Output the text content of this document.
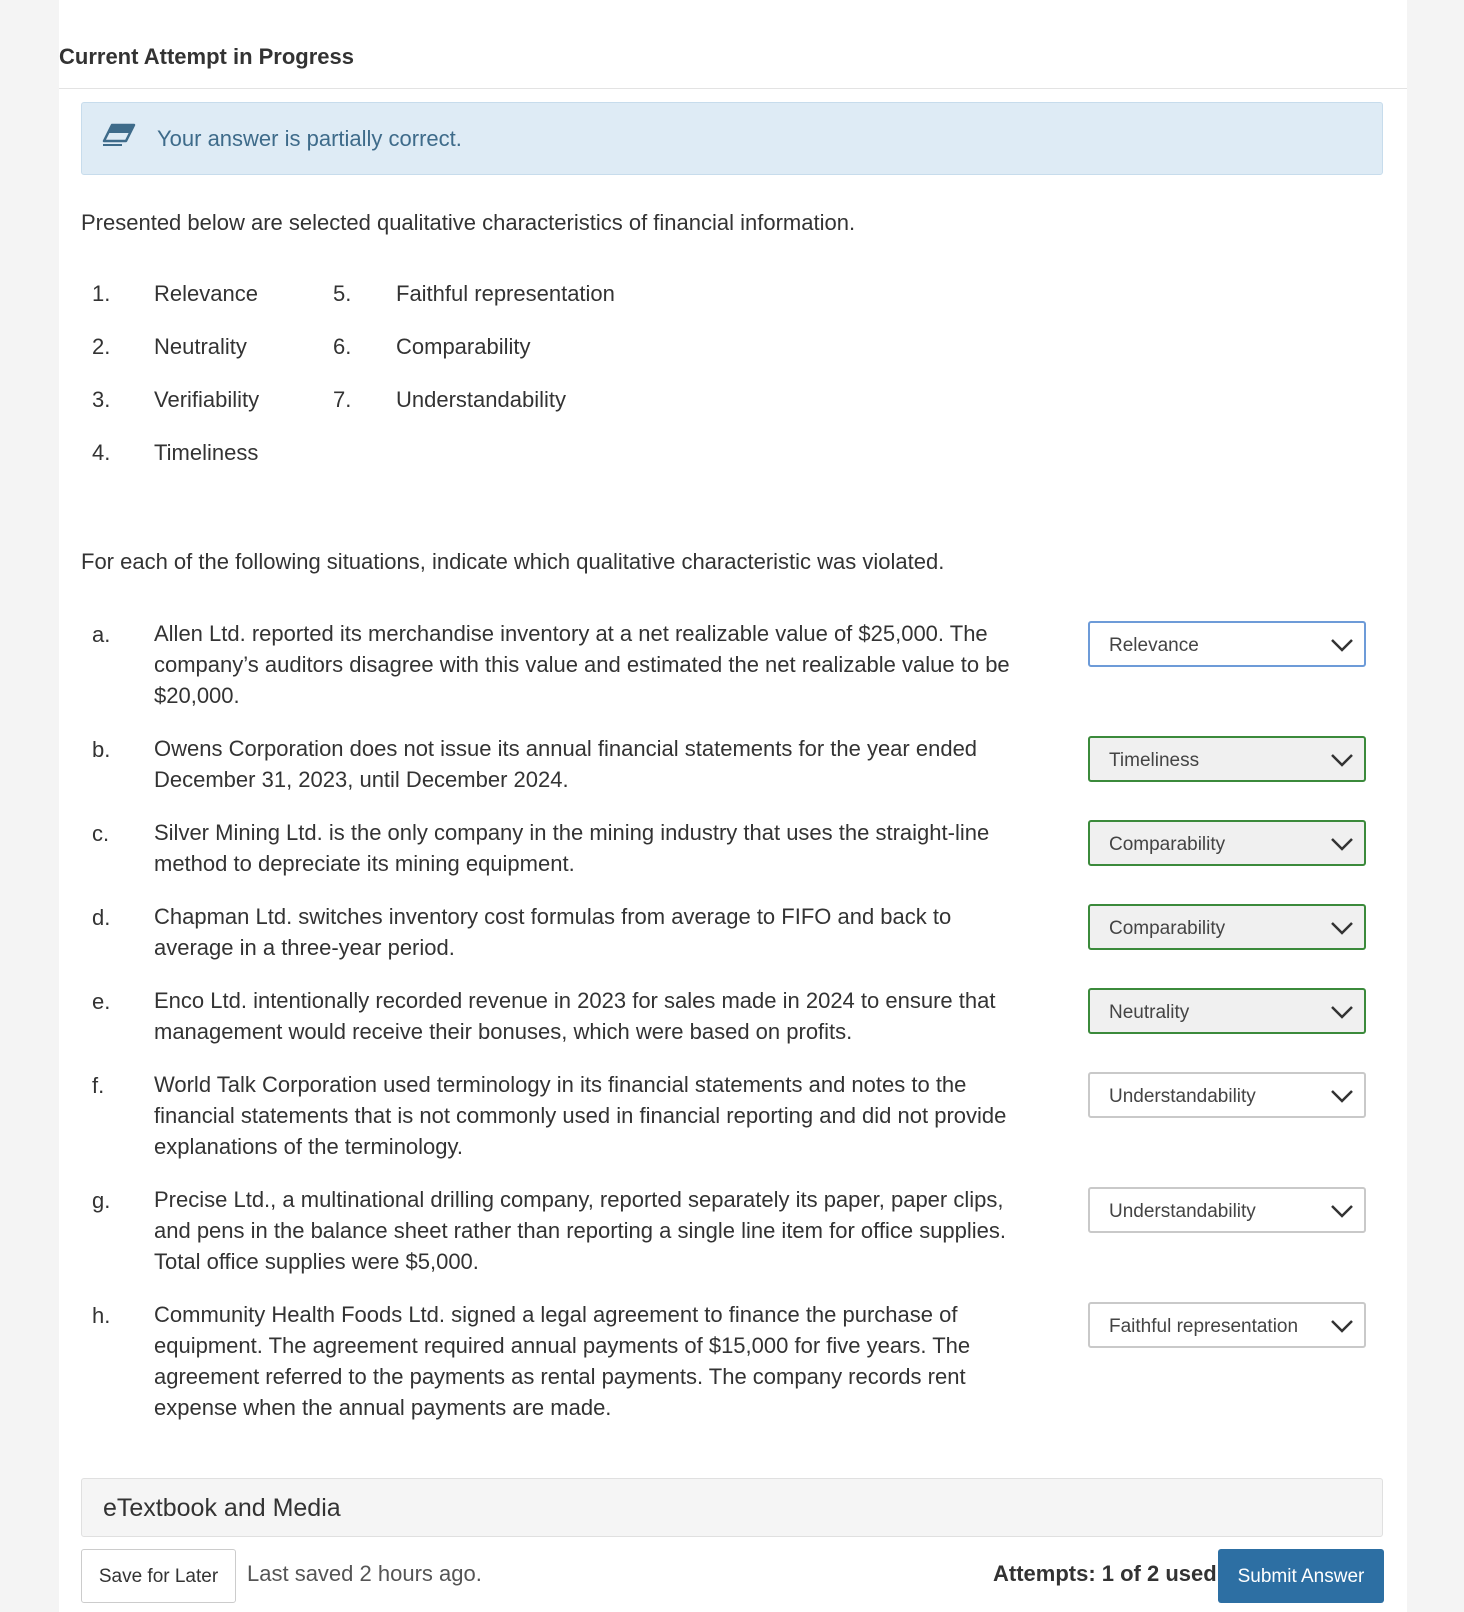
Current Attempt in Progress
Your answer is partially correct.
Presented below are selected qualitative characteristics of financial information.
1. Relevance
2. Neutrality
3. Verifiability
4. Timeliness
5. Faithful representation
6. Comparability
7. Understandability
For each of the following situations, indicate which qualitative characteristic was violated.
a. Allen Ltd. reported its merchandise inventory at a net realizable value of $25,000. The company’s auditors disagree with this value and estimated the net realizable value to be $20,000.
Relevance
b. Owens Corporation does not issue its annual financial statements for the year ended December 31, 2023, until December 2024.
Timeliness
c. Silver Mining Ltd. is the only company in the mining industry that uses the straight-line method to depreciate its mining equipment.
Comparability
d. Chapman Ltd. switches inventory cost formulas from average to FIFO and back to average in a three-year period.
Comparability
e. Enco Ltd. intentionally recorded revenue in 2023 for sales made in 2024 to ensure that management would receive their bonuses, which were based on profits.
Neutrality
f. World Talk Corporation used terminology in its financial statements and notes to the financial statements that is not commonly used in financial reporting and did not provide explanations of the terminology.
Understandability
g. Precise Ltd., a multinational drilling company, reported separately its paper, paper clips, and pens in the balance sheet rather than reporting a single line item for office supplies. Total office supplies were $5,000.
Understandability
h. Community Health Foods Ltd. signed a legal agreement to finance the purchase of equipment. The agreement required annual payments of $15,000 for five years. The agreement referred to the payments as rental payments. The company records rent expense when the annual payments are made.
Faithful representation
eTextbook and Media
Save for Later	Last saved 2 hours ago.	Attempts: 1 of 2 used	Submit Answer
